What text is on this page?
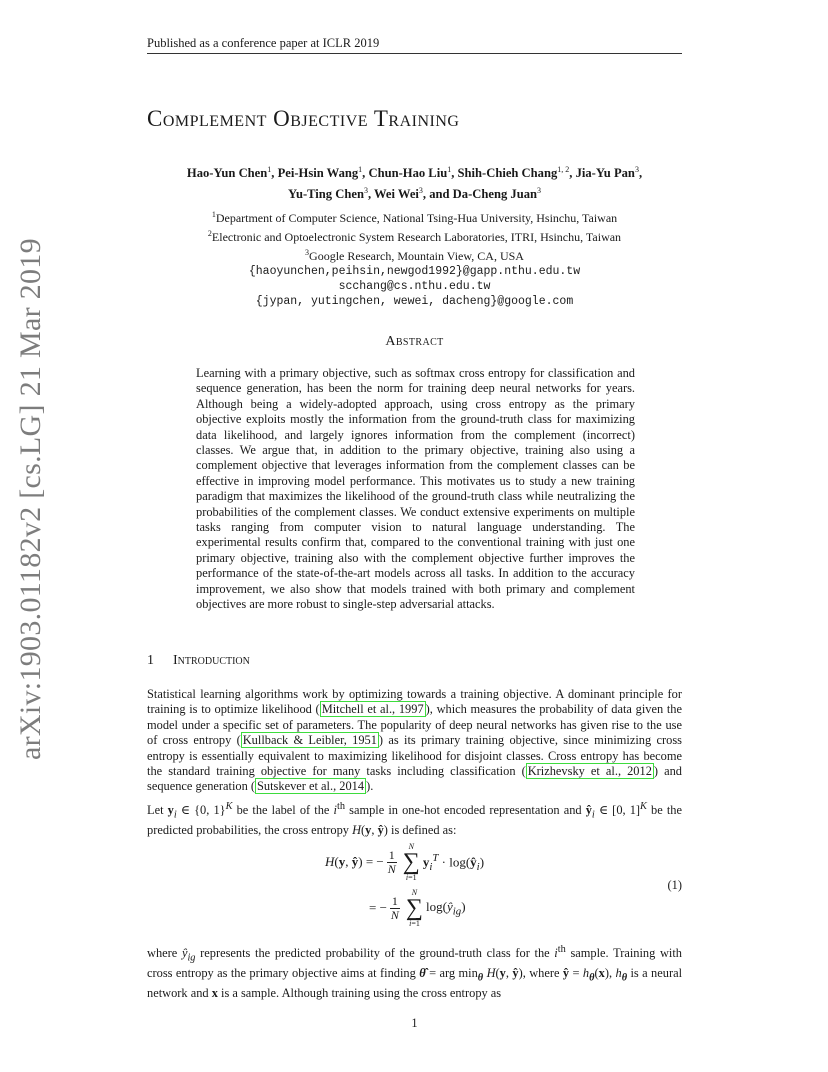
Published as a conference paper at ICLR 2019
arXiv:1903.01182v2 [cs.LG] 21 Mar 2019
Complement Objective Training
Hao-Yun Chen$^1$, Pei-Hsin Wang$^1$, Chun-Hao Liu$^1$, Shih-Chieh Chang$^{1, 2}$, Jia-Yu Pan$^3$,
Yu-Ting Chen$^3$, Wei Wei$^3$, and Da-Cheng Juan$^3$
$^1$Department of Computer Science, National Tsing-Hua University, Hsinchu, Taiwan
$^2$Electronic and Optoelectronic System Research Laboratories, ITRI, Hsinchu, Taiwan
$^3$Google Research, Mountain View, CA, USA
{haoyunchen,peihsin,newgod1992}@gapp.nthu.edu.tw
scchang@cs.nthu.edu.tw
{jypan, yutingchen, wewei, dacheng}@google.com
Abstract
Learning with a primary objective, such as softmax cross entropy for classification and sequence generation, has been the norm for training deep neural networks for years. Although being a widely-adopted approach, using cross entropy as the primary objective exploits mostly the information from the ground-truth class for maximizing data likelihood, and largely ignores information from the complement (incorrect) classes. We argue that, in addition to the primary objective, training also using a complement objective that leverages information from the complement classes can be effective in improving model performance. This motivates us to study a new training paradigm that maximizes the likelihood of the ground-truth class while neutralizing the probabilities of the complement classes. We conduct extensive experiments on multiple tasks ranging from computer vision to natural language understanding. The experimental results confirm that, compared to the conventional training with just one primary objective, training also with the complement objective further improves the performance of the state-of-the-art models across all tasks. In addition to the accuracy improvement, we also show that models trained with both primary and complement objectives are more robust to single-step adversarial attacks.
1 Introduction
Statistical learning algorithms work by optimizing towards a training objective. A dominant principle for training is to optimize likelihood ( Mitchell et al., 1997 ), which measures the probability of data given the model under a specific set of parameters. The popularity of deep neural networks has given rise to the use of cross entropy ( Kullback & Leibler, 1951 ) as its primary training objective, since minimizing cross entropy is essentially equivalent to maximizing likelihood for disjoint classes. Cross entropy has become the standard training objective for many tasks including classification ( Krizhevsky et al., 2012 ) and sequence generation ( Sutskever et al., 2014 ).
Let $y_i$ ∈ {0, 1}$^K$ be the label of the $i^{th}$ sample in one-hot encoded representation and $ŷ_i$ ∈ [0, 1]$^K$ be the predicted probabilities, the cross entropy H(y, ŷ) is defined as:
H(y, ŷ) = − $\frac{1}{N}$
N
∑
i=1
$y_i^T$ · $\log(ŷ_i)$
= − $\frac{1}{N}$
N
∑
i=1
$\log(ŷ_{ig})$
(1)
where $ŷ_{ig}$ represents the predicted probability of the ground-truth class for the $i^{th}$ sample. Training with cross entropy as the primary objective aims at finding θ̂ = arg $\min_\theta H(y$, ŷ), where ŷ = $h_\theta(x)$, $h_\theta$ is a neural network and x is a sample. Although training using the cross entropy as
1
